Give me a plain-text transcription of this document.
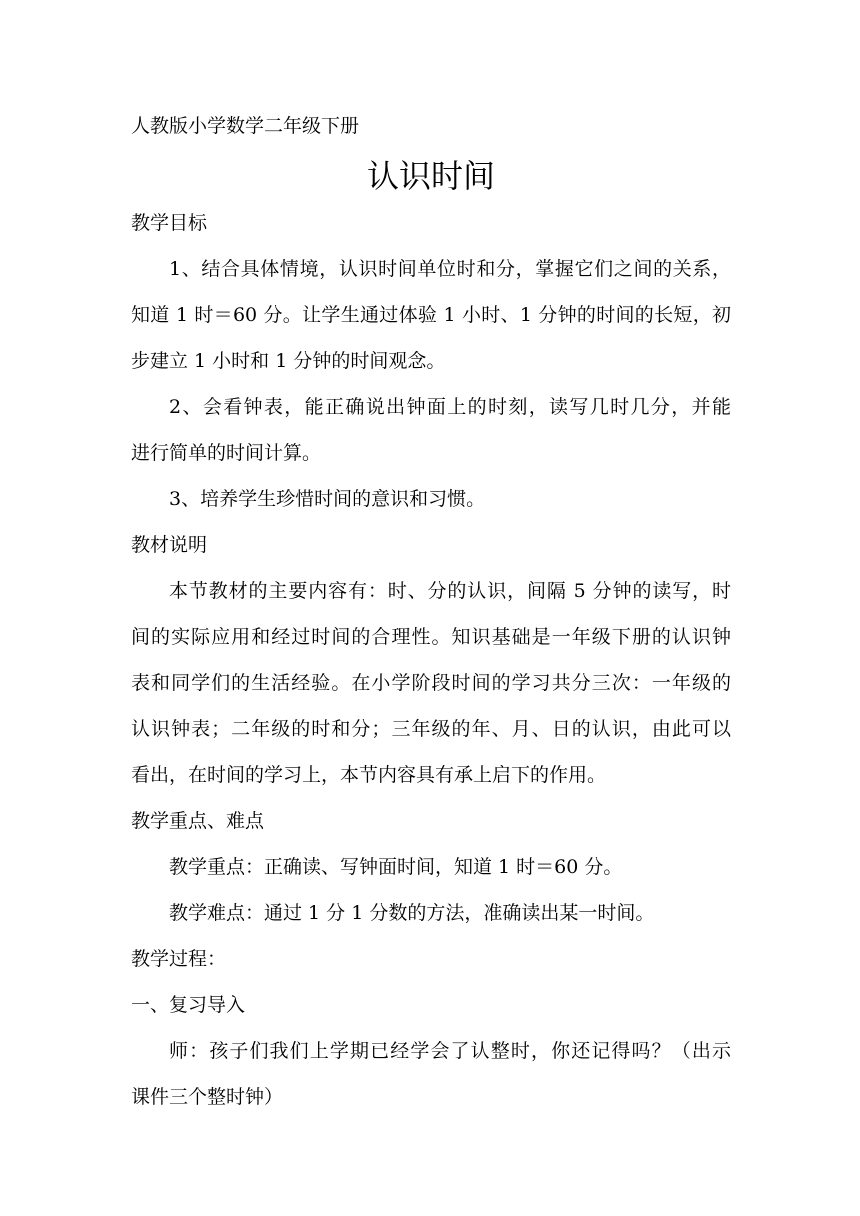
人教版小学数学二年级下册
认识时间
教学目标
1、结合具体情境，认识时间单位时和分，掌握它们之间的关系，
知道 1 时＝60 分。让学生通过体验 1 小时、1 分钟的时间的长短，初
步建立 1 小时和 1 分钟的时间观念。
2、会看钟表，能正确说出钟面上的时刻，读写几时几分，并能
进行简单的时间计算。
3、培养学生珍惜时间的意识和习惯。
教材说明
本节教材的主要内容有：时、分的认识，间隔 5 分钟的读写，时
间的实际应用和经过时间的合理性。知识基础是一年级下册的认识钟
表和同学们的生活经验。在小学阶段时间的学习共分三次：一年级的
认识钟表；二年级的时和分；三年级的年、月、日的认识，由此可以
看出，在时间的学习上，本节内容具有承上启下的作用。
教学重点、难点
教学重点：正确读、写钟面时间，知道 1 时＝60 分。
教学难点：通过 1 分 1 分数的方法，准确读出某一时间。
教学过程：
一、复习导入
师：孩子们我们上学期已经学会了认整时，你还记得吗？（出示
课件三个整时钟）
